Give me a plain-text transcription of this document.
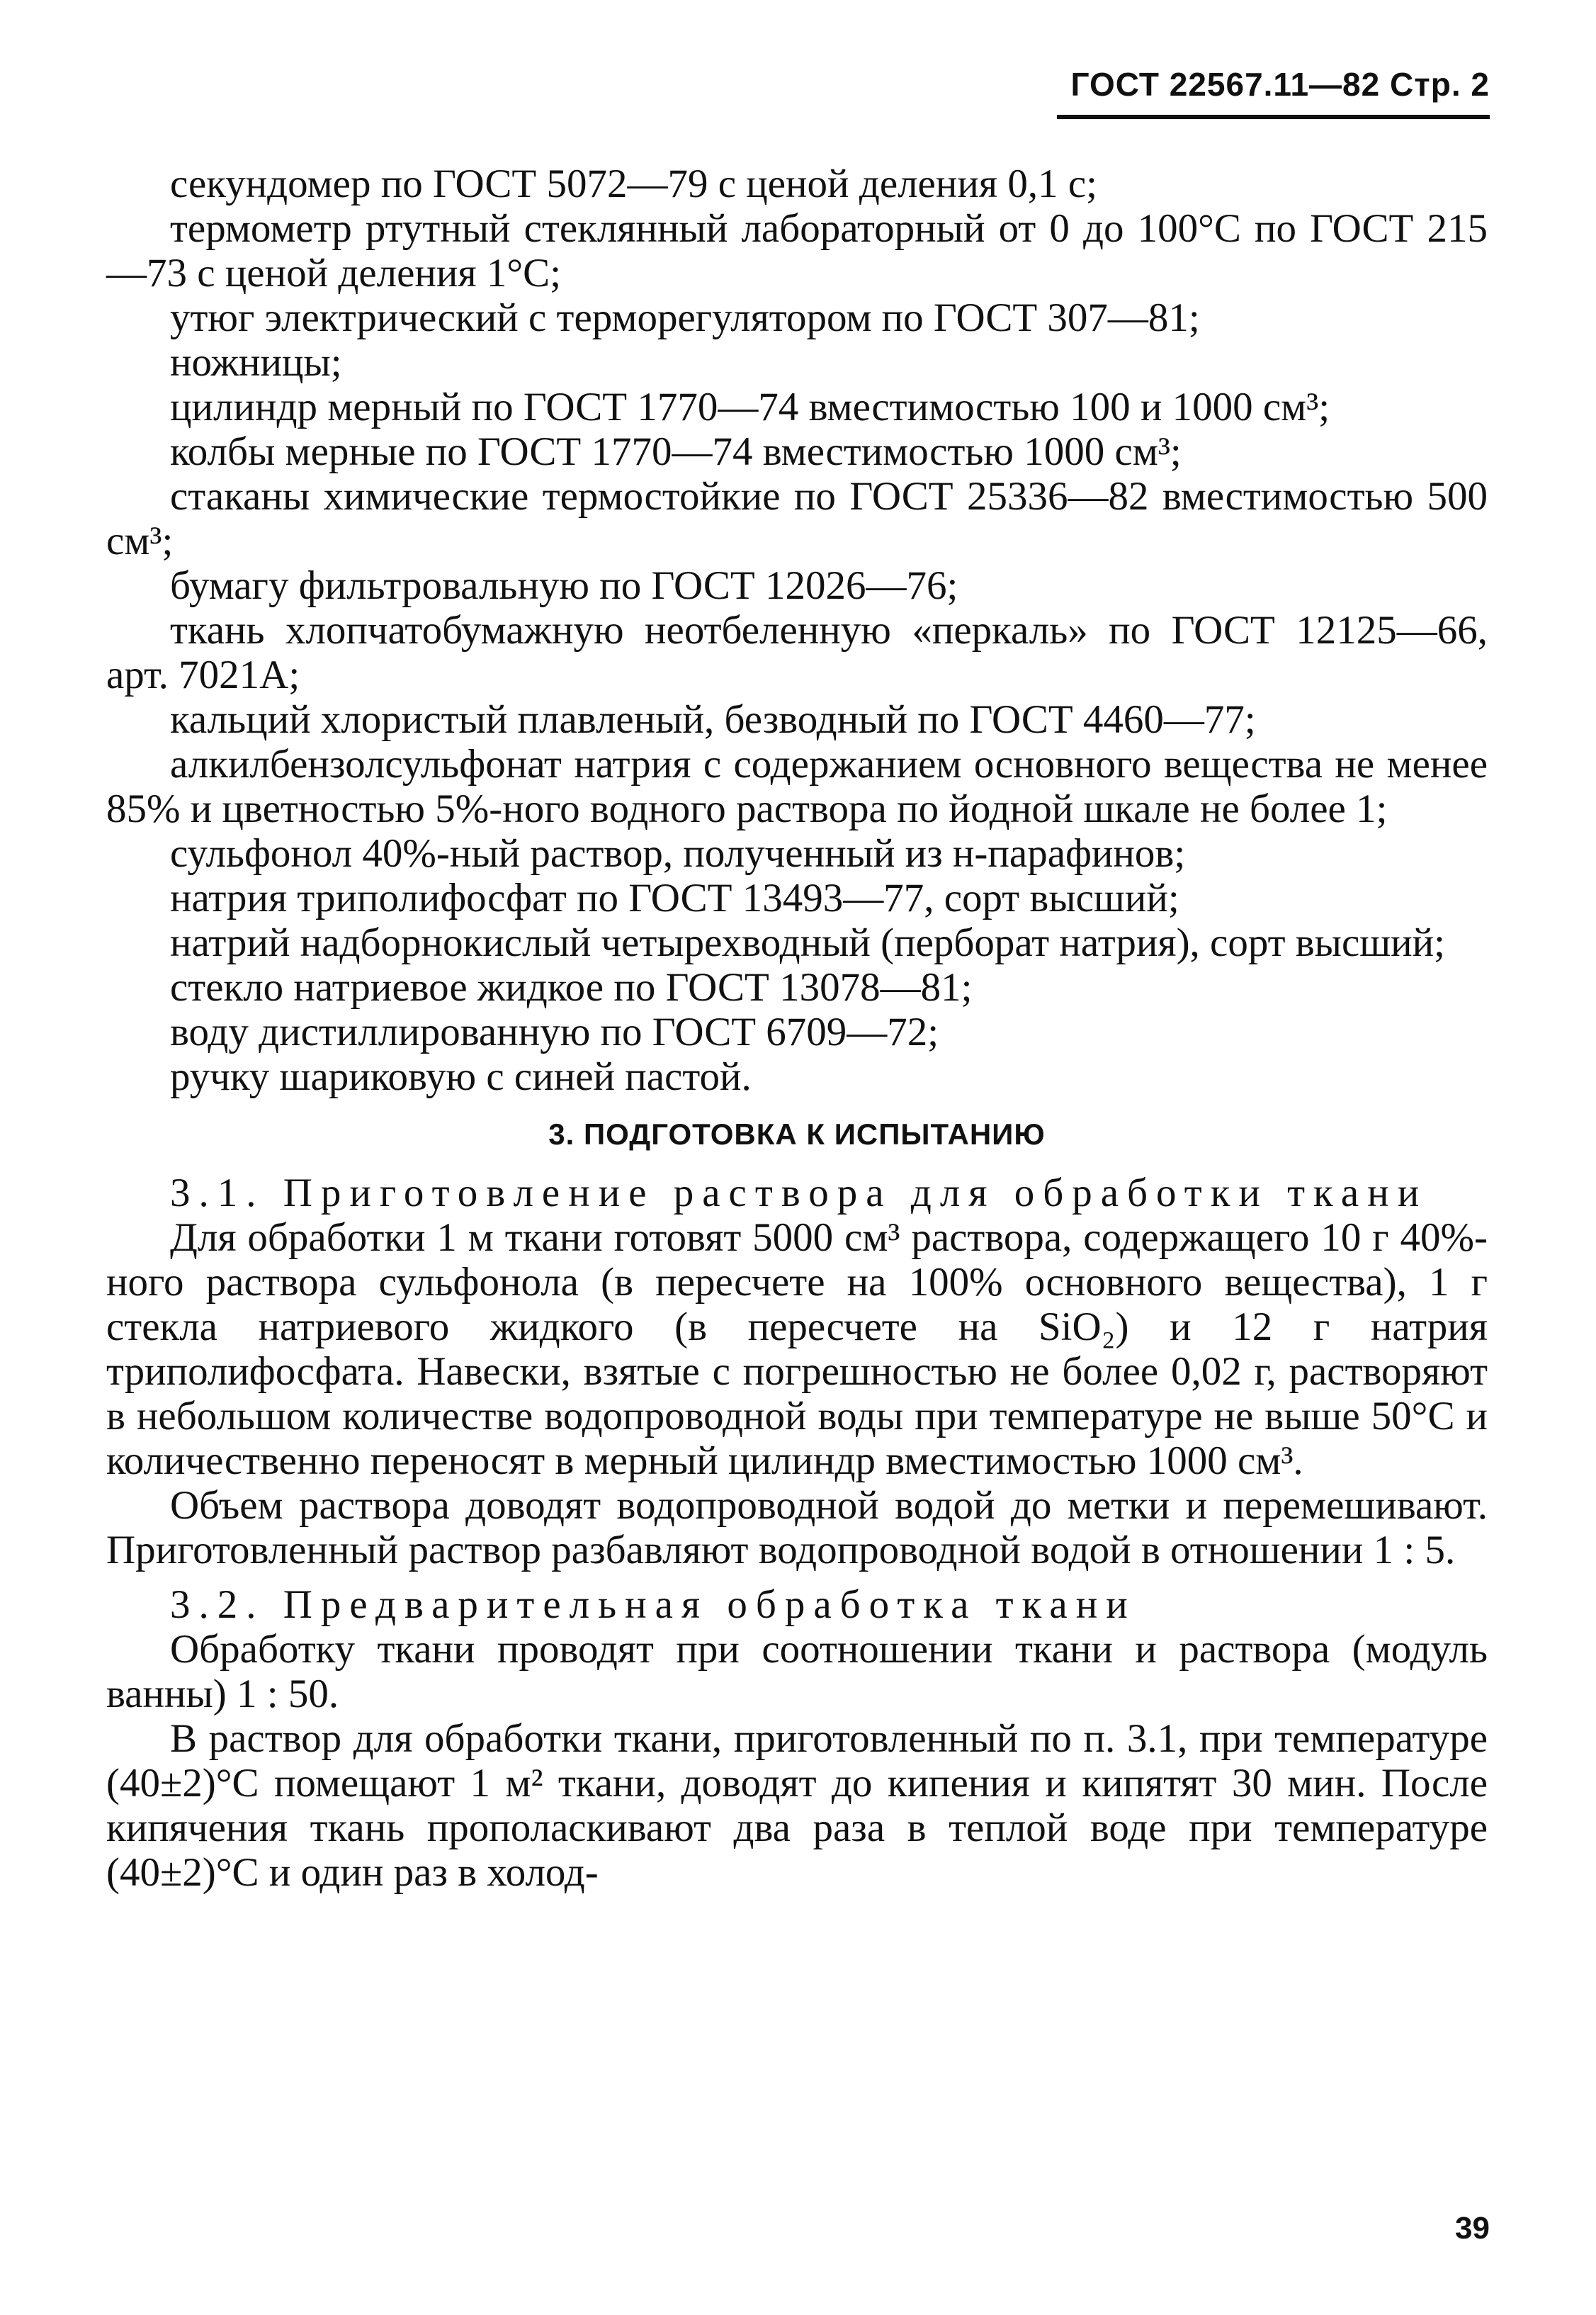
ГОСТ 22567.11—82 Стр. 2

секундомер по ГОСТ 5072—79 с ценой деления 0,1 с;

термометр ртутный стеклянный лабораторный от 0 до 100°С по ГОСТ 215—73 с ценой деления 1°С;

утюг электрический с терморегулятором по ГОСТ 307—81;

ножницы;

цилиндр мерный по ГОСТ 1770—74 вместимостью 100 и 1000 см³;

колбы мерные по ГОСТ 1770—74 вместимостью 1000 см³;

стаканы химические термостойкие по ГОСТ 25336—82 вместимостью 500 см³;

бумагу фильтровальную по ГОСТ 12026—76;

ткань хлопчатобумажную неотбеленную «перкаль» по ГОСТ 12125—66, арт. 7021А;

кальций хлористый плавленый, безводный по ГОСТ 4460—77;

алкилбензолсульфонат натрия с содержанием основного вещества не менее 85% и цветностью 5%-ного водного раствора по йодной шкале не более 1;

сульфонол 40%-ный раствор, полученный из н-парафинов;

натрия триполифосфат по ГОСТ 13493—77, сорт высший;

натрий надборнокислый четырехводный (перборат натрия), сорт высший;

стекло натриевое жидкое по ГОСТ 13078—81;

воду дистиллированную по ГОСТ 6709—72;

ручку шариковую с синей пастой.

3. ПОДГОТОВКА К ИСПЫТАНИЮ

3.1. Приготовление раствора для обработки ткани

Для обработки 1 м ткани готовят 5000 см³ раствора, содержащего 10 г 40%-ного раствора сульфонола (в пересчете на 100% основного вещества), 1 г стекла натриевого жидкого (в пересчете на SiO₂) и 12 г натрия триполифосфата. Навески, взятые с погрешностью не более 0,02 г, растворяют в небольшом количестве водопроводной воды при температуре не выше 50°С и количественно переносят в мерный цилиндр вместимостью 1000 см³.

Объем раствора доводят водопроводной водой до метки и перемешивают. Приготовленный раствор разбавляют водопроводной водой в отношении 1 : 5.

3.2. Предварительная обработка ткани

Обработку ткани проводят при соотношении ткани и раствора (модуль ванны) 1 : 50.

В раствор для обработки ткани, приготовленный по п. 3.1, при температуре (40±2)°С помещают 1 м² ткани, доводят до кипения и кипятят 30 мин. После кипячения ткань прополаскивают два раза в теплой воде при температуре (40±2)°С и один раз в холод-

39
